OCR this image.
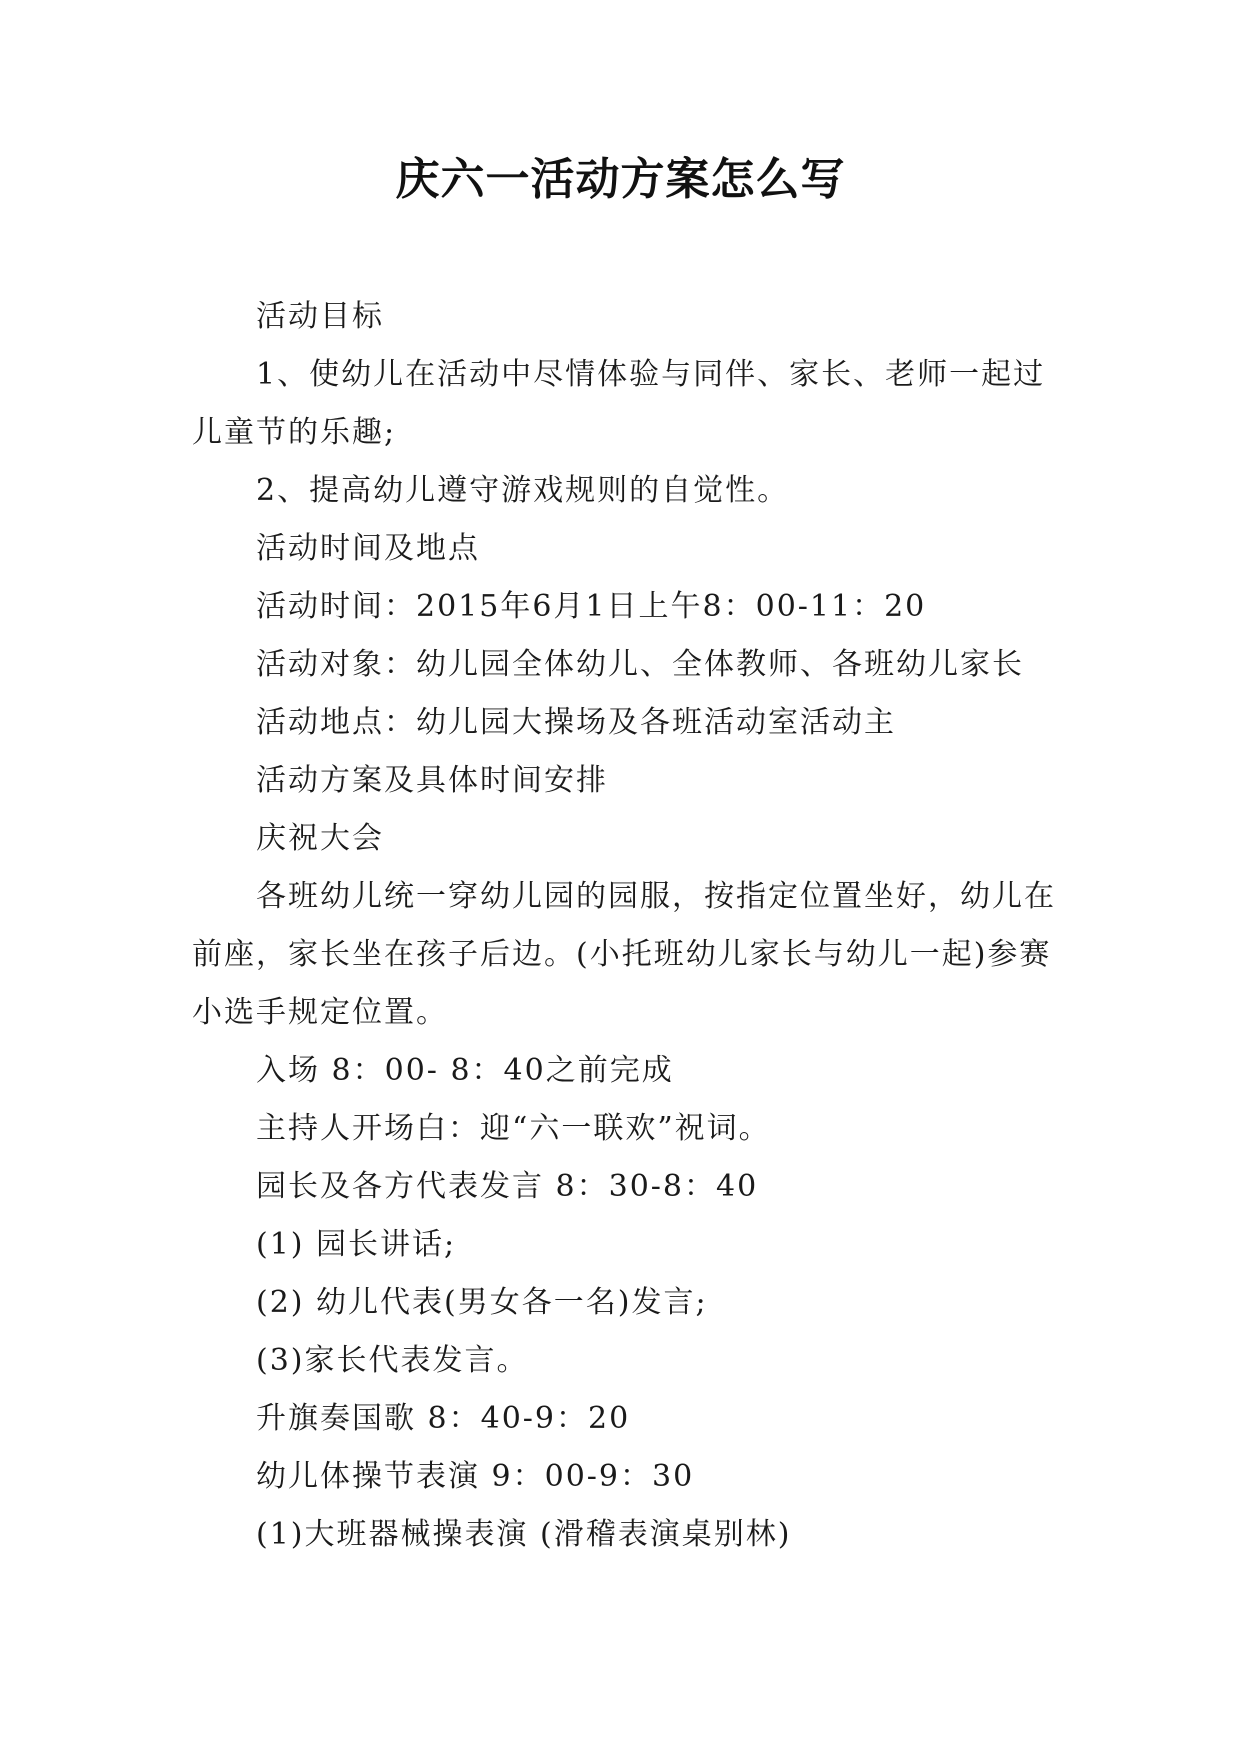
庆六一活动方案怎么写

活动目标

1、使幼儿在活动中尽情体验与同伴、家长、老师一起过儿童节的乐趣;

2、提高幼儿遵守游戏规则的自觉性。

活动时间及地点

活动时间：2015年6月1日上午8：00-11：20

活动对象：幼儿园全体幼儿、全体教师、各班幼儿家长

活动地点：幼儿园大操场及各班活动室活动主

活动方案及具体时间安排

庆祝大会

各班幼儿统一穿幼儿园的园服，按指定位置坐好，幼儿在前座，家长坐在孩子后边。(小托班幼儿家长与幼儿一起)参赛小选手规定位置。

入场 8：00- 8：40之前完成

主持人开场白：迎“六一联欢”祝词。

园长及各方代表发言 8：30-8：40

(1) 园长讲话;

(2) 幼儿代表(男女各一名)发言;

(3)家长代表发言。

升旗奏国歌 8：40-9：20

幼儿体操节表演 9：00-9：30

(1)大班器械操表演 (滑稽表演桌别林)
